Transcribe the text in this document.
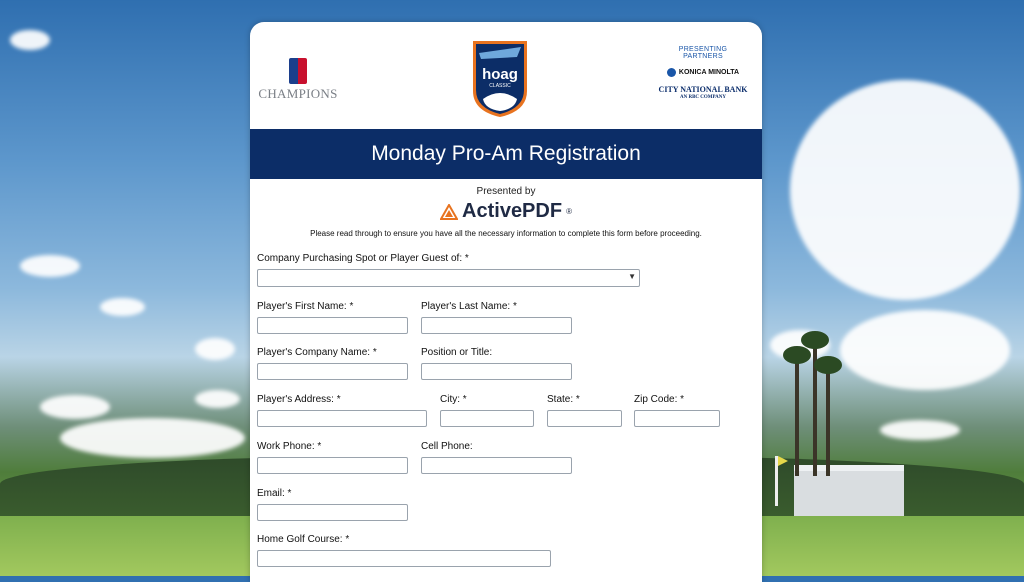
CHAMPIONS
hoag
CLASSIC
PRESENTING PARTNERS
KONICA MINOLTA
CITY NATIONAL BANK
AN RBC COMPANY
Monday Pro-Am Registration
Presented by
ActivePDF ®
Please read through to ensure you have all the necessary information to complete this form before proceeding.
Company Purchasing Spot or Player Guest of: *
▼
Player's First Name: *	Player's Last Name: *
Player's Company Name: *	Position or Title:
Player's Address: *	City: *	State: *	Zip Code: *
Work Phone: *	Cell Phone:
Email: *
Home Golf Course: *
